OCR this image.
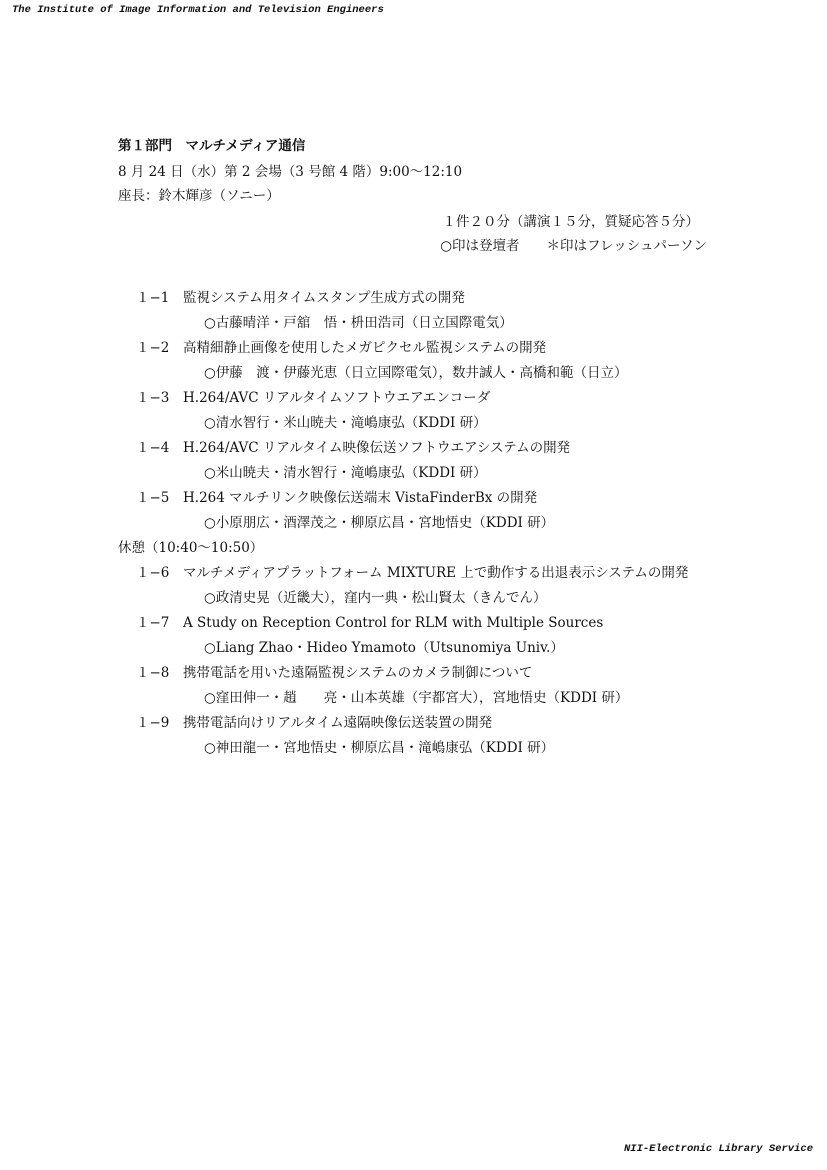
The Institute of Image Information and Television Engineers
第１部門　マルチメディア通信
8 月 24 日（水）第 2 会場（3 号館 4 階）9:00〜12:10
座長：鈴木輝彦（ソニー）
１件２０分（講演１５分，質疑応答５分）
○印は登壇者　　＊印はフレッシュパーソン
１−1 監視システム用タイムスタンプ生成方式の開発
○古藤晴洋・戸舘　悟・枡田浩司（日立国際電気）
１−2 高精細静止画像を使用したメガピクセル監視システムの開発
○伊藤　渡・伊藤光恵（日立国際電気），数井誠人・高橋和範（日立）
１−3 H.264/AVC リアルタイムソフトウエアエンコーダ
○清水智行・米山暁夫・滝嶋康弘（KDDI 研）
１−4 H.264/AVC リアルタイム映像伝送ソフトウエアシステムの開発
○米山暁夫・清水智行・滝嶋康弘（KDDI 研）
１−5 H.264 マルチリンク映像伝送端末 VistaFinderBx の開発
○小原朋広・酒澤茂之・柳原広昌・宮地悟史（KDDI 研）
休憩（10:40〜10:50）
１−6 マルチメディアプラットフォーム MIXTURE 上で動作する出退表示システムの開発
○政清史晃（近畿大），窪内一典・松山賢太（きんでん）
１−7 A Study on Reception Control for RLM with Multiple Sources
○Liang Zhao・Hideo Ymamoto（Utsunomiya Univ.）
１−8 携帯電話を用いた遠隔監視システムのカメラ制御について
○窪田伸一・趙　　亮・山本英雄（宇都宮大），宮地悟史（KDDI 研）
１−9 携帯電話向けリアルタイム遠隔映像伝送装置の開発
○神田龍一・宮地悟史・柳原広昌・滝嶋康弘（KDDI 研）
NII-Electronic Library Service
